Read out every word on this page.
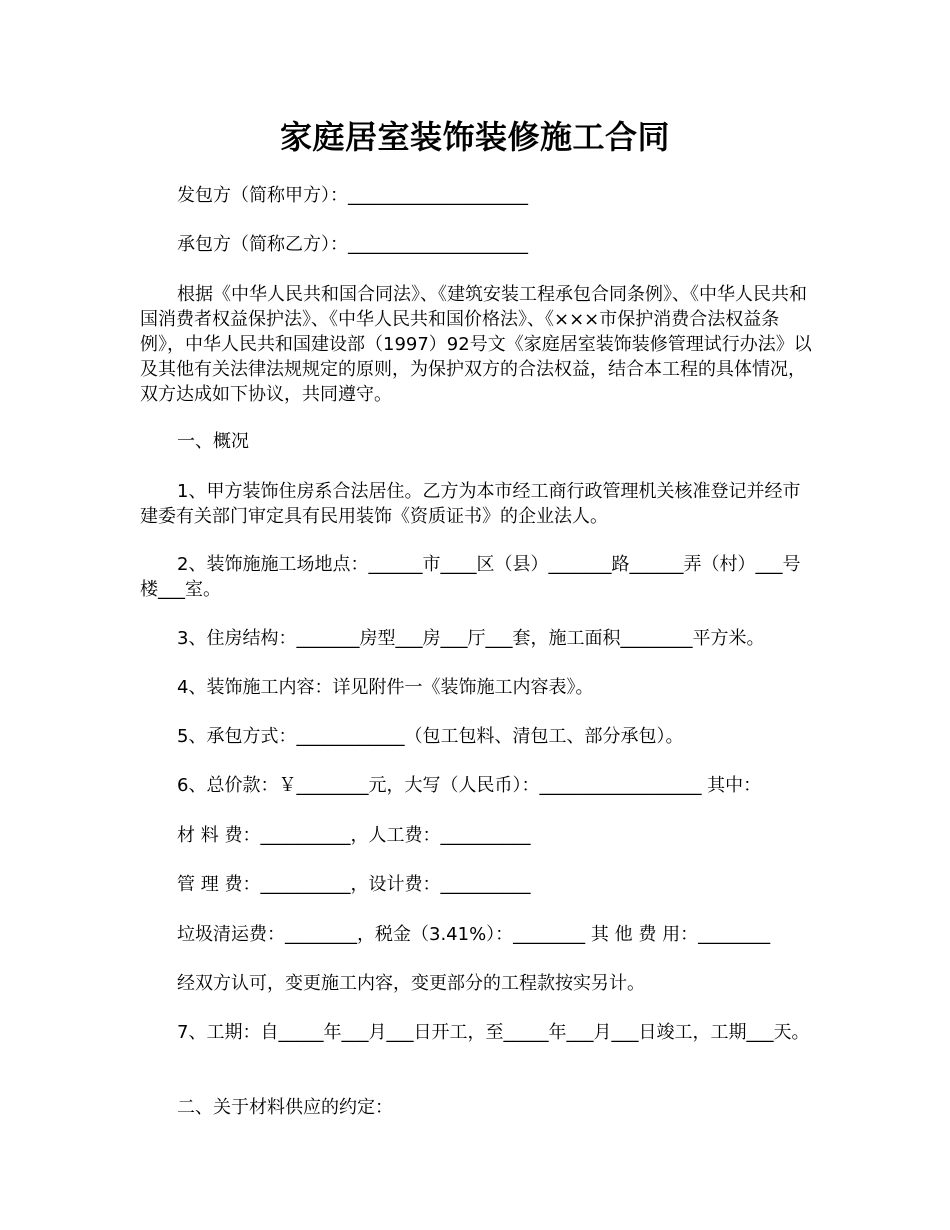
家庭居室装饰装修施工合同
发包方（简称甲方）：____________________
承包方（简称乙方）：____________________
根据《中华人民共和国合同法》、《建筑安装工程承包合同条例》、《中华人民共和国消费者权益保护法》、《中华人民共和国价格法》、《×××市保护消费合法权益条例》，中华人民共和国建设部（1997）92号文《家庭居室装饰装修管理试行办法》以及其他有关法律法规规定的原则，为保护双方的合法权益，结合本工程的具体情况，双方达成如下协议，共同遵守。
一、概况
1、甲方装饰住房系合法居住。乙方为本市经工商行政管理机关核准登记并经市建委有关部门审定具有民用装饰《资质证书》的企业法人。
2、装饰施施工场地点：______市____区（县）_______路______弄（村）___号楼___室。
3、住房结构：_______房型___房___厅___套，施工面积________平方米。
4、装饰施工内容：详见附件一《装饰施工内容表》。
5、承包方式：____________（包工包料、清包工、部分承包）。
6、总价款：￥________元，大写（人民币）：__________________ 其中：
材 料 费：__________，人工费：__________
管 理 费：__________，设计费：__________
垃圾清运费：________，税金（3.41%）：________ 其 他 费 用：________
经双方认可，变更施工内容，变更部分的工程款按实另计。
7、工期：自_____年___月___日开工，至_____年___月___日竣工，工期___天。
二、关于材料供应的约定：
